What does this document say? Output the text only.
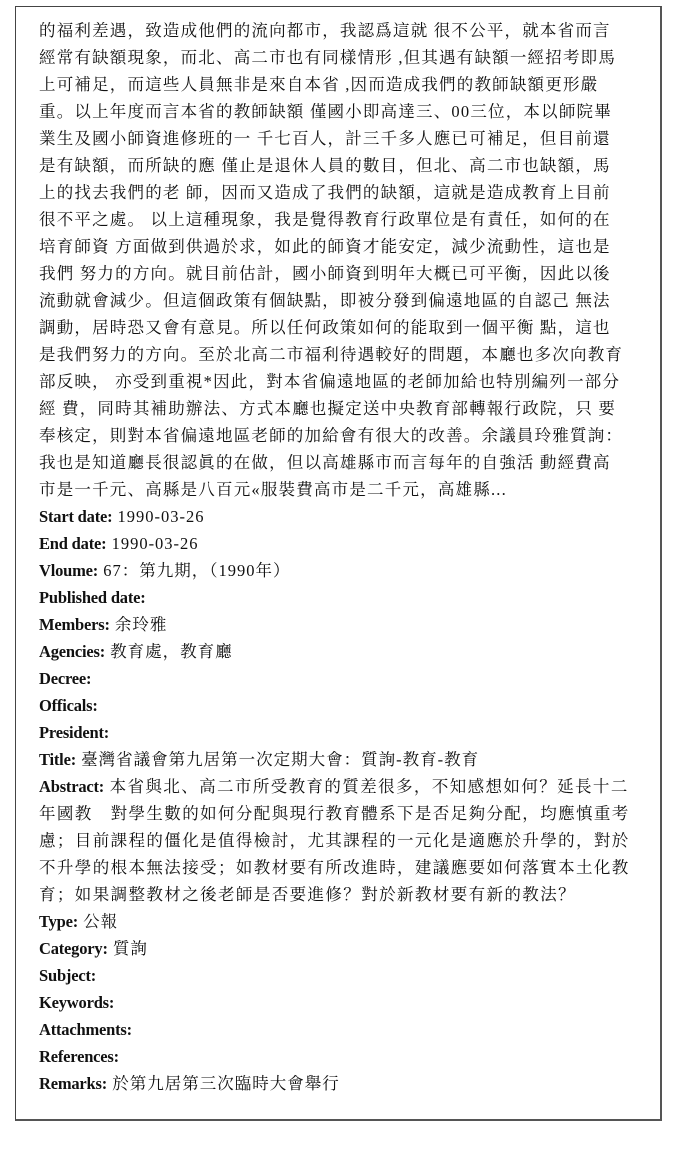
的福利差遇，致造成他們的流向都市，我認爲這就 很不公平，就本省而言
經常有缺額現象，而北、高二市也有同樣情形 ,但其遇有缺額一經招考即馬
上可補足，而這些人員無非是來自本省 ,因而造成我們的教師缺額更形嚴
重。以上年度而言本省的教師缺額 僅國小即高達三、00三位，本以師院畢
業生及國小師資進修班的一 千七百人，計三千多人應已可補足，但目前還
是有缺額，而所缺的應 僅止是退休人員的數目，但北、高二市也缺額，馬
上的找去我們的老 師，因而又造成了我們的缺額，這就是造成教育上目前
很不平之處。 以上這種現象，我是覺得教育行政單位是有責任，如何的在
培育師資 方面做到供過於求，如此的師資才能安定，減少流動性，這也是
我們 努力的方向。就目前估計，國小師資到明年大概已可平衡，因此以後
流動就會減少。但這個政策有個缺點，即被分發到偏遠地區的自認己 無法
調動，居時恐又會有意見。所以任何政策如何的能取到一個平衡 點，這也
是我們努力的方向。至於北高二市福利待遇較好的問題，本廳也多次向教育
部反映， 亦受到重視*因此，對本省偏遠地區的老師加給也特別編列一部分
經 費，同時其補助辦法、方式本廳也擬定送中央教育部轉報行政院，只 要
奉核定，則對本省偏遠地區老師的加給會有很大的改善。余議員玲雅質詢：
我也是知道廳長很認眞的在做，但以高雄縣市而言每年的自強活 動經費高
市是一千元、高縣是八百元«服裝費高市是二千元，高雄縣...
Start date: 1990-03-26
End date: 1990-03-26
Vloume: 67：第九期，（1990年）
Published date:
Members: 余玲雅
Agencies: 教育處，教育廳
Decree:
Officals:
President:
Title: 臺灣省議會第九居第一次定期大會：質詢-教育-教育
Abstract: 本省與北、高二市所受教育的質差很多，不知感想如何？延長十二年國教　對學生數的如何分配與現行教育體系下是否足夠分配，均應慎重考慮；目前課程的僵化是值得檢討，尤其課程的一元化是適應於升學的，對於不升學的根本無法接受；如教材要有所改進時，建議應要如何落實本土化教育；如果調整教材之後老師是否要進修？對於新教材要有新的教法？
Type: 公報
Category: 質詢
Subject:
Keywords:
Attachments:
References:
Remarks: 於第九居第三次臨時大會舉行
